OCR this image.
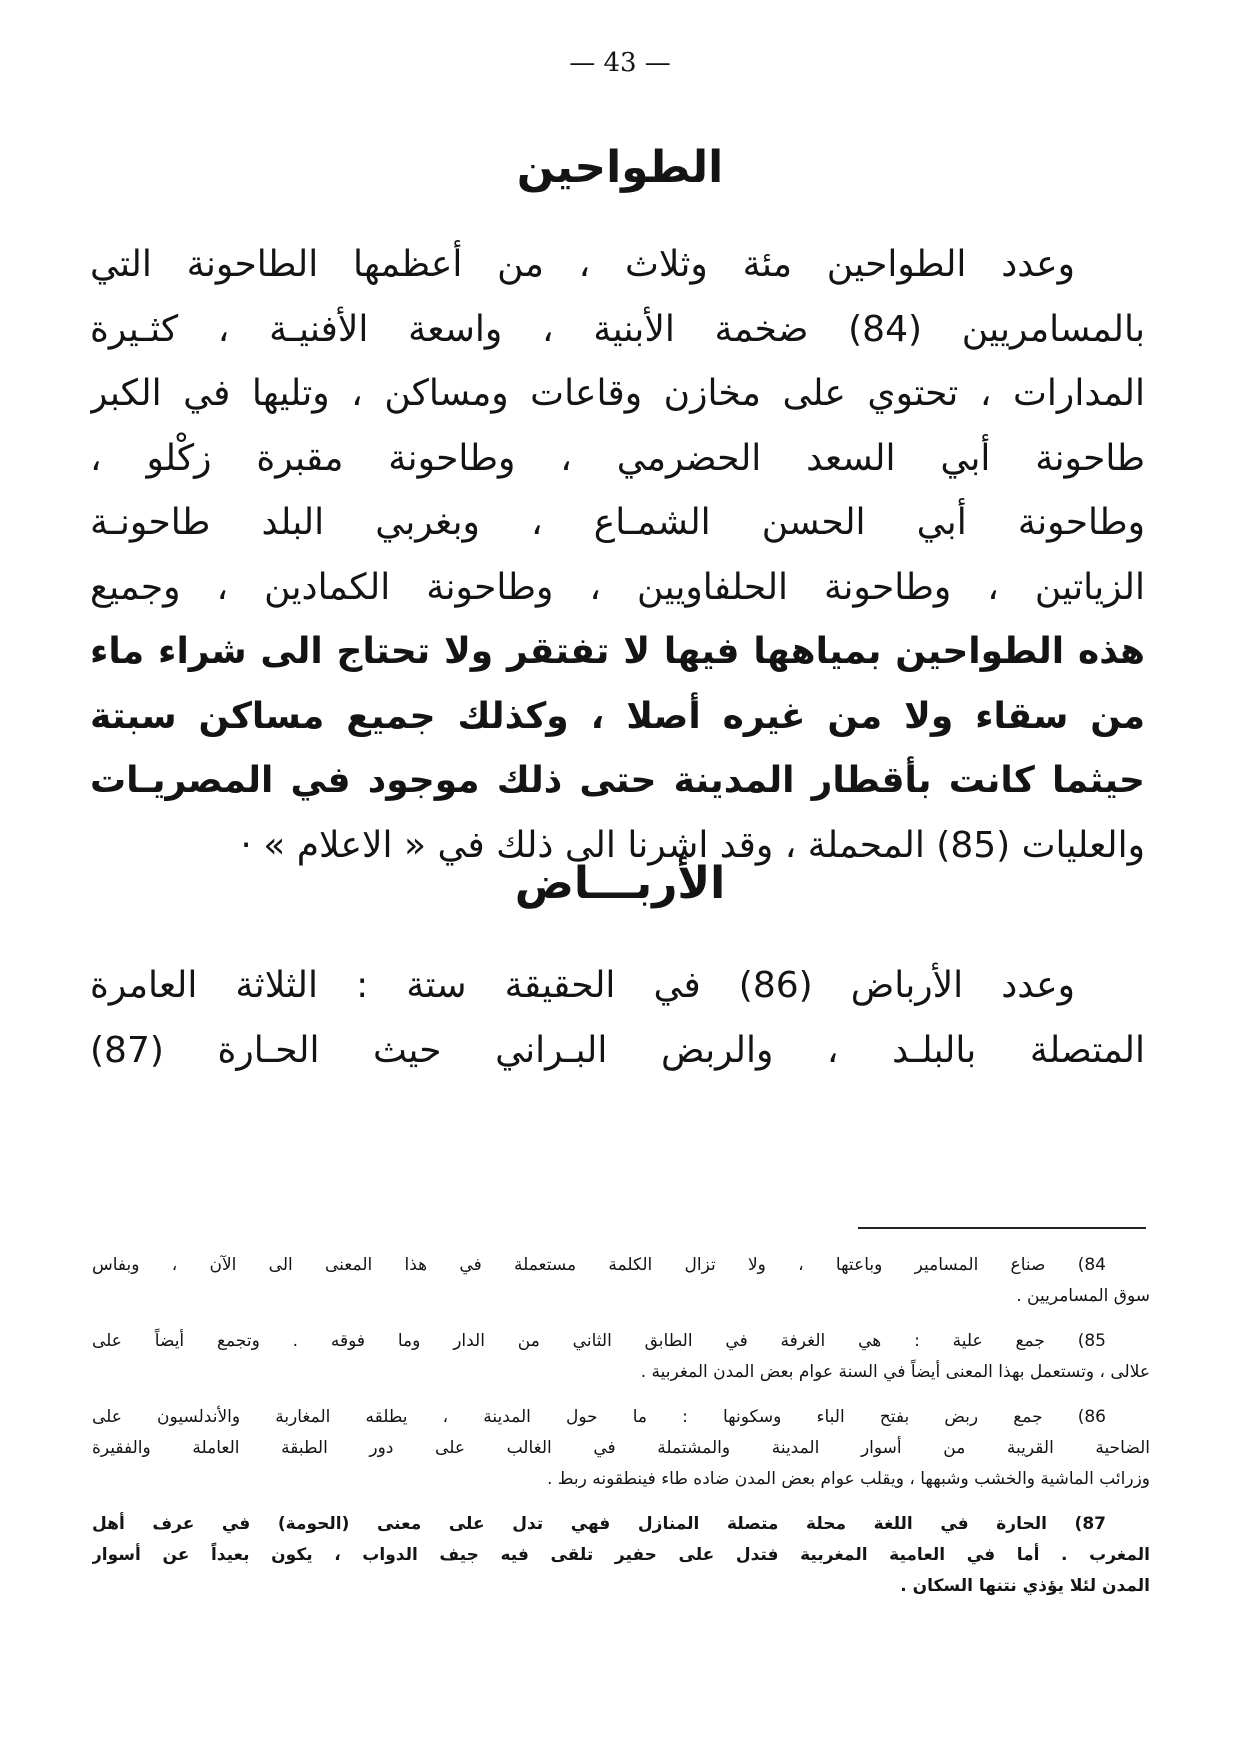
— 43 —
الطواحين
وعدد الطواحين مئة وثلاث ، من أعظمها الطاحونة التي
بالمسامريين (84) ضخمة الأبنية ، واسعة الأفنيـة ، كثـيرة
المدارات ، تحتوي على مخازن وقاعات ومساكن ، وتليها في الكبر
طاحونة أبي السعد الحضرمي ، وطاحونة مقبرة زكْلو ،
وطاحونة أبي الحسن الشمـاع ، وبغربي البلد طاحونـة
الزياتين ، وطاحونة الحلفاويين ، وطاحونة الكمادين ، وجميع
هذه الطواحين بمياهها فيها لا تفتقر ولا تحتاج الى شراء ماء
من سقاء ولا من غيره أصلا ، وكذلك جميع مساكن سبتة
حيثما كانت بأقطار المدينة حتى ذلك موجود في المصريـات
والعليات (85) المحملة ، وقد اشرنا الى ذلك في « الاعلام » ·
الأربـــاض
وعدد الأرباض (86) في الحقيقة ستة : الثلاثة العامرة
المتصلة بالبلـد ، والربض البـراني حيث الحـارة (87)
84) صناع المسامير وباعتها ، ولا تزال الكلمة مستعملة في هذا المعنى الى الآن ، وبفاس
سوق المسامريين .
85) جمع علية : هي الغرفة في الطابق الثاني من الدار وما فوقه . وتجمع أيضاً على
علالى ، وتستعمل بهذا المعنى أيضاً في السنة عوام بعض المدن المغربية .
86) جمع ربض بفتح الباء وسكونها : ما حول المدينة ، يطلقه المغاربة والأندلسيون على
الضاحية القريبة من أسوار المدينة والمشتملة في الغالب على دور الطبقة العاملة والفقيرة
وزرائب الماشية والخشب وشبهها ، ويقلب عوام بعض المدن ضاده طاء فينطقونه ربط .
87) الحارة في اللغة محلة متصلة المنازل فهي تدل على معنى (الحومة) في عرف أهل
المغرب . أما في العامية المغربية فتدل على حفير تلقى فيه جيف الدواب ، يكون بعيداً عن أسوار
المدن لئلا يؤذي نتنها السكان .
